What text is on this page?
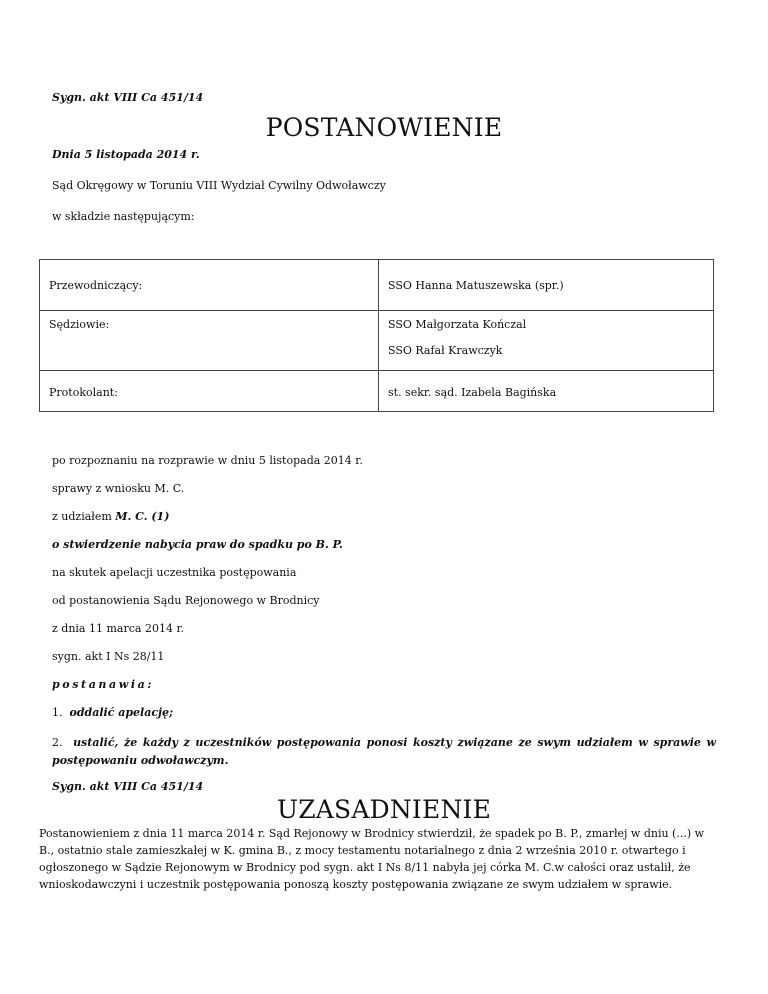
Sygn. akt VIII Ca 451/14
POSTANOWIENIE
Dnia 5 listopada 2014 r.
Sąd Okręgowy w Toruniu VIII Wydział Cywilny Odwoławczy
w składzie następującym:
Przewodniczący:	SSO Hanna Matuszewska (spr.)

Sędziowie:	SSO Małgorzata Kończal
SSO Rafał Krawczyk

Protokolant:	st. sekr. sąd. Izabela Bagińska
po rozpoznaniu na rozprawie w dniu 5 listopada 2014 r.
sprawy z wniosku M. C.
z udziałem M. C. (1)
o stwierdzenie nabycia praw do spadku po B. P.
na skutek apelacji uczestnika postępowania
od postanowienia Sądu Rejonowego w Brodnicy
z dnia 11 marca 2014 r.
sygn. akt I Ns 28/11
postanawia:
1. oddalić apelację;
2. ustalić, że każdy z uczestników postępowania ponosi koszty związane ze swym udziałem w sprawie w postępowaniu odwoławczym.
Sygn. akt VIII Ca 451/14
UZASADNIENIE
Postanowieniem z dnia 11 marca 2014 r. Sąd Rejonowy w Brodnicy stwierdził, że spadek po B. P., zmarłej w dniu (...) w B., ostatnio stale zamieszkałej w K. gmina B., z mocy testamentu notarialnego z dnia 2 września 2010 r. otwartego i ogłoszonego w Sądzie Rejonowym w Brodnicy pod sygn. akt I Ns 8/11 nabyła jej córka M. C.w całości oraz ustalił, że wnioskodawczyni i uczestnik postępowania ponoszą koszty postępowania związane ze swym udziałem w sprawie.
